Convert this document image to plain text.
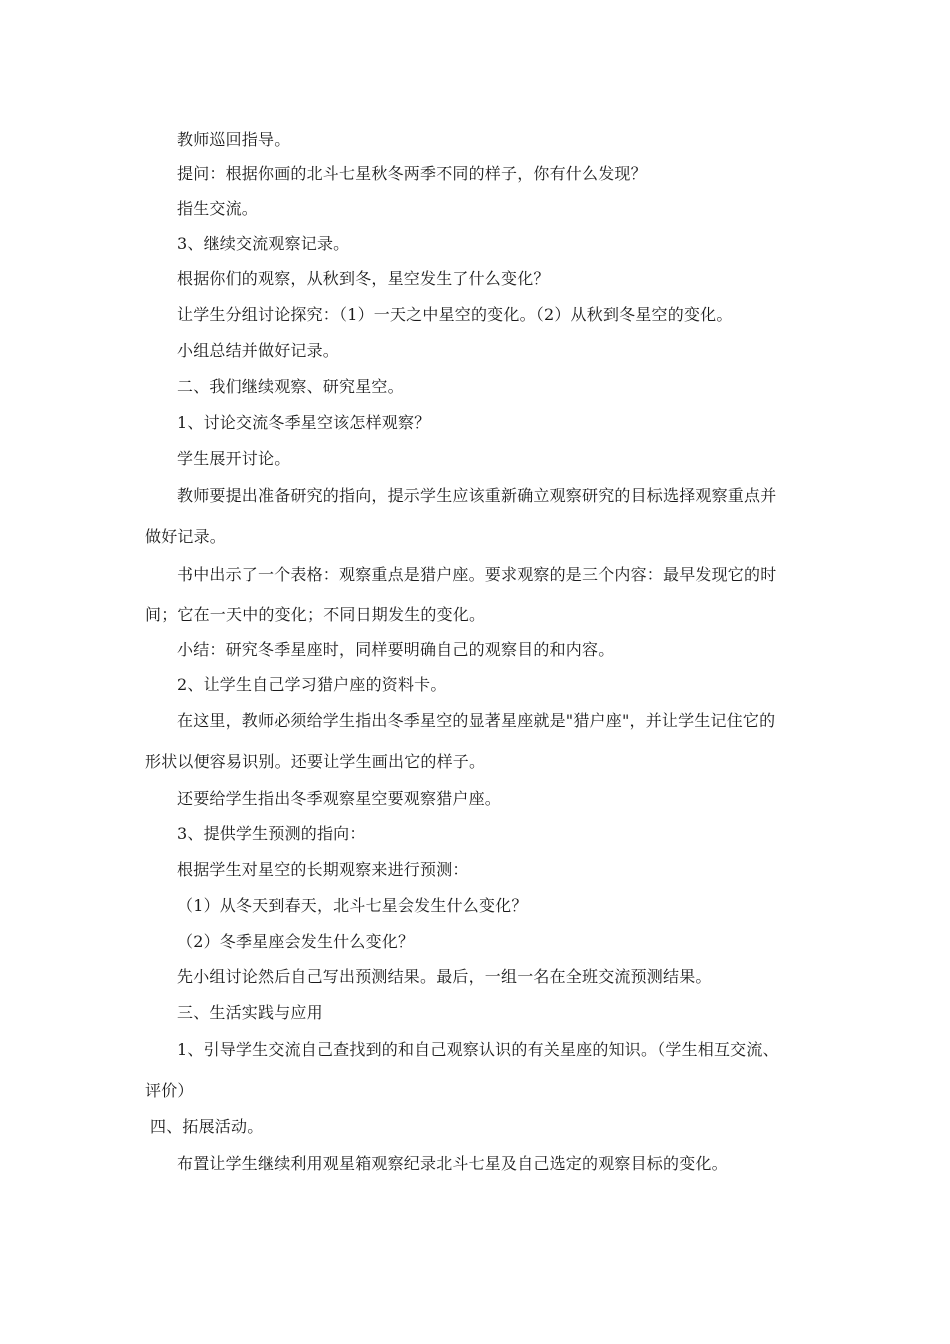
教师巡回指导。
提问：根据你画的北斗七星秋冬两季不同的样子，你有什么发现？
指生交流。
3、继续交流观察记录。
根据你们的观察，从秋到冬，星空发生了什么变化？
让学生分组讨论探究：（1）一天之中星空的变化。（2）从秋到冬星空的变化。
小组总结并做好记录。
二、我们继续观察、研究星空。
1、讨论交流冬季星空该怎样观察？
学生展开讨论。
教师要提出准备研究的指向，提示学生应该重新确立观察研究的目标选择观察重点并
做好记录。
书中出示了一个表格：观察重点是猎户座。要求观察的是三个内容：最早发现它的时
间；它在一天中的变化；不同日期发生的变化。
小结：研究冬季星座时，同样要明确自己的观察目的和内容。
2、让学生自己学习猎户座的资料卡。
在这里，教师必须给学生指出冬季星空的显著星座就是"猎户座"，并让学生记住它的
形状以便容易识别。还要让学生画出它的样子。
还要给学生指出冬季观察星空要观察猎户座。
3、提供学生预测的指向：
根据学生对星空的长期观察来进行预测：
（1）从冬天到春天，北斗七星会发生什么变化？
（2）冬季星座会发生什么变化？
先小组讨论然后自己写出预测结果。最后，一组一名在全班交流预测结果。
三、生活实践与应用
1、引导学生交流自己查找到的和自己观察认识的有关星座的知识。（学生相互交流、
评价）
四、拓展活动。
布置让学生继续利用观星箱观察纪录北斗七星及自己选定的观察目标的变化。
